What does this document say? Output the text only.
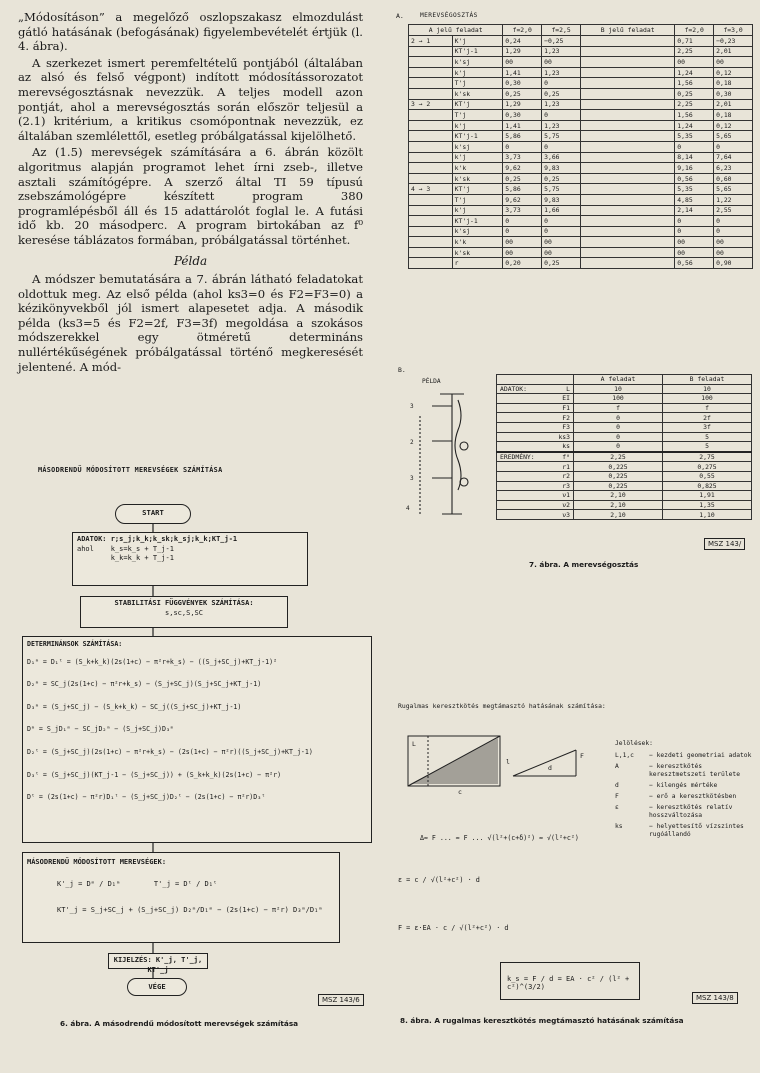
„Módosításon” a megelőző oszlopszakasz elmozdulást gátló hatásának (befogásának) figyelembevételét értjük (l. 4. ábra).

A szerkezet ismert peremfeltételű pontjából (általában az alsó és felső végpont) indított módosítássorozatot merevségosztásnak nevezzük. A teljes modell azon pontját, ahol a merevségosztás során először teljesül a (2.1) kritérium, a kritikus csomópontnak nevezzük, ez általában szemlélettől, esetleg próbálgatással kijelölhető.

Az (1.5) merevségek számítására a 6. ábrán közölt algoritmus alapján programot lehet írni zseb-, illetve asztali számítógépre. A szerző által TI 59 típusú zsebszámológépre készített program 380 programlépésből áll és 15 adattárolót foglal le. A futási idő kb. 20 másodperc. A program birtokában az f⁰ keresése táblázatos formában, próbálgatással történhet.

Példa

A módszer bemutatására a 7. ábrán látható feladatokat oldottuk meg. Az első példa (ahol ks3=0 és F2=F3=0) a kézikönyvekből jól ismert alapesetet adja. A második példa (ks3=5 és F2=2f, F3=3f) megoldása a szokásos módszerekkel egy ötméretű determináns nullértékűségének próbálgatással történő megkeresését jelentené. A mód-

MÁSODRENDŰ MÓDOSÍTOTT MEREVSÉGEK SZÁMÍTÁSA
START
ADATOK: r;s_j;k_k;k_sk;k_sj;k_k;KT_j-1
ahol    k_s=k_s + T_j-1
k_k=k_k + T_j-1
STABILITÁSI FÜGGVÉNYEK SZÁMÍTÁSA:
s,sc,S,SC
DETERMINÁNSOK SZÁMÍTÁSA:
D₁ᵐ = D₁ᵗ = (S_k+k_k)(2s(1+c) − π²r+k_s) − ((S_j+SC_j)+KT_j-1)²
D₂ᵐ = SC_j(2s(1+c) − π²r+k_s) − (S_j+SC_j)(S_j+SC_j+KT_j-1)
D₃ᵐ = (S_j+SC_j) − (S_k+k_k) − SC_j((S_j+SC_j)+KT_j-1)
Dᵐ = S_jD₁ᵐ − SC_jD₂ᵐ − (S_j+SC_j)D₃ᵐ
D₂ᵗ = (S_j+SC_j)(2s(1+c) − π²r+k_s) − (2s(1+c) − π²r)((S_j+SC_j)+KT_j-1)
D₃ᵗ = (S_j+SC_j)(KT_j-1 − (S_j+SC_j)) + (S_k+k_k)(2s(1+c) − π²r)
Dᵗ = (2s(1+c) − π²r)D₁ᵗ − (S_j+SC_j)D₂ᵗ − (2s(1+c) − π²r)D₃ᵗ
MÁSODRENDŰ MÓDOSÍTOTT MEREVSÉGEK:
K'_j = Dᵐ / D₁ᵐ        T'_j = Dᵗ / D₁ᵗ
KT'_j = S_j+SC_j + (S_j+SC_j) D₂ᵐ/D₁ᵐ − (2s(1+c) − π²r) D₃ᵐ/D₁ᵐ
KIJELZÉS: K'_j, T'_j, KT'_j
VÉGE
MSZ 143/6
6. ábra. A másodrendű módosított merevségek számítása
A.	MEREVSÉGOSZTÁS
A jelű feladat		f=2,0	f=2,5	B jelű feladat	f=2,0	f=3,0
2 → 1	K'j	0,24	−0,25		0,71	−0,23
	KT'j-1	1,29	1,23		2,25	2,01
	k'sj	00	00		00	00
	k'j	1,41	1,23		1,24	0,12
	T'j	0,30	0		1,56	0,18
	k'sk	0,25	0,25		0,25	0,30
3 → 2	KT'j	1,29	1,23		2,25	2,01
	T'j	0,30	0		1,56	0,18
	k'j	1,41	1,23		1,24	0,12
	KT'j-1	5,86	5,75		5,35	5,65
	k'sj	0	0		0	0
	k'j	3,73	3,66		8,14	7,64
	k'k	9,62	9,83		9,16	6,23
	k'sk	0,25	0,25		0,56	0,60
4 → 3	KT'j	5,86	5,75		5,35	5,65
	T'j	9,62	9,83		4,85	1,22
	k'j	3,73	1,66		2,14	2,55
	KT'j-1	0	0		0	0
	k'sj	0	0		0	0
	k'k	00	00		00	00
	k'sk	00	00		00	00
	r	0,20	0,25		0,56	0,90
B.
PÉLDA
3
2
3
4
	A feladat	B feladat
ADATOK: L	10	10

EI	100	100

F1	f	f

F2	0	2f

F3	0	3f

ks3	0	5

ks	0	5
EREDMÉNY: f⁰	2,25	2,75

r1	0,225	0,275

r2	0,225	0,55

r3	0,225	0,825

ν1	2,10	1,91

ν2	2,10	1,35

ν3	2,10	1,10
MSZ 143/
7. ábra. A merevségosztás
Rugalmas keresztkötés megtámasztó hatásának számítása:
L
l
c
d
F
Jelölések:
L,1,c	− kezdeti geometriai adatok
A	− keresztkötés keresztmetszeti területe
d	− kilengés mértéke
F	− erő a keresztkötésben
ε	− keresztkötés relatív hosszváltozása
ks	− helyettesítő vízszintes rugóállandó
Δ≈ F ... ≈ F ... √(l²+(c+δ)²) ≈ √(l²+c²)
ε = c / √(l²+c²) · d
F = ε·EA · c / √(l²+c²) · d
k_s = F / d = EA · c² / (l² + c²)^(3/2)
MSZ 143/8
8. ábra. A rugalmas keresztkötés megtámasztó hatásának számítása
